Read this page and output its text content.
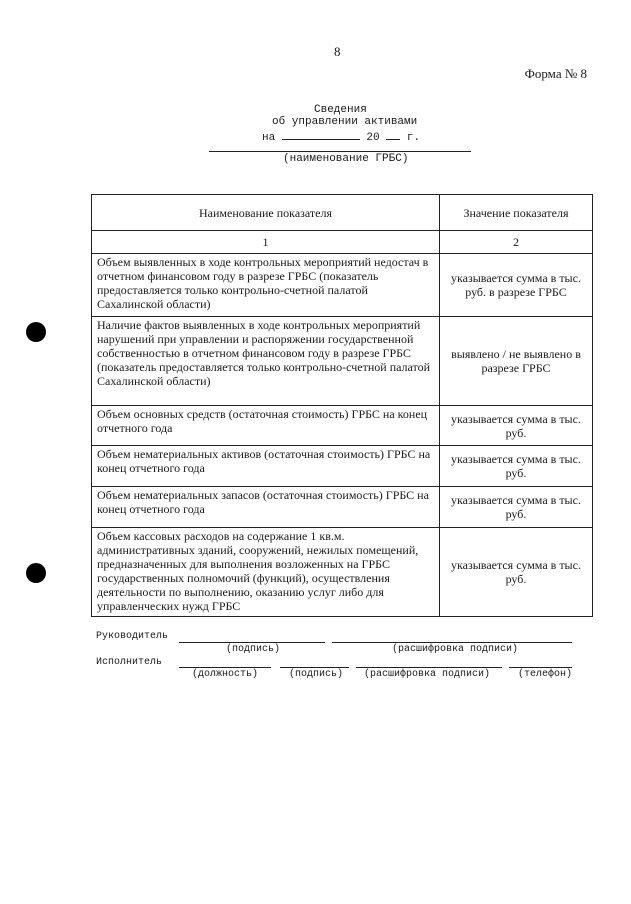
8
Форма № 8
Сведения
об управлении активами
на	20 г.
(наименование ГРБС)
Наименование показателя	Значение показателя
1	2
Объем выявленных в ходе контрольных мероприятий недостач в отчетном финансовом году в разрезе ГРБС (показатель предоставляется только контрольно-счетной палатой Сахалинской области)	указывается сумма в тыс. руб. в разрезе ГРБС
Наличие фактов выявленных в ходе контрольных мероприятий нарушений при управлении и распоряжении государственной собственностью в отчетном финансовом году в разрезе ГРБС (показатель предоставляется только контрольно-счетной палатой Сахалинской области)	выявлено / не выявлено в разрезе ГРБС
Объем основных средств (остаточная стоимость) ГРБС на конец отчетного года	указывается сумма в тыс. руб.
Объем нематериальных активов (остаточная стоимость) ГРБС на конец отчетного года	указывается сумма в тыс. руб.
Объем нематериальных запасов (остаточная стоимость) ГРБС на конец отчетного года	указывается сумма в тыс. руб.
Объем кассовых расходов на содержание 1 кв.м. административных зданий, сооружений, нежилых помещений, предназначенных для выполнения возложенных на ГРБС государственных полномочий (функций), осуществления деятельности по выполнению, оказанию услуг либо для управленческих нужд ГРБС	указывается сумма в тыс. руб.
Руководитель
(подпись)	(расшифровка подписи)
Исполнитель
(должность)	(подпись) (расшифровка подписи)	(телефон)
